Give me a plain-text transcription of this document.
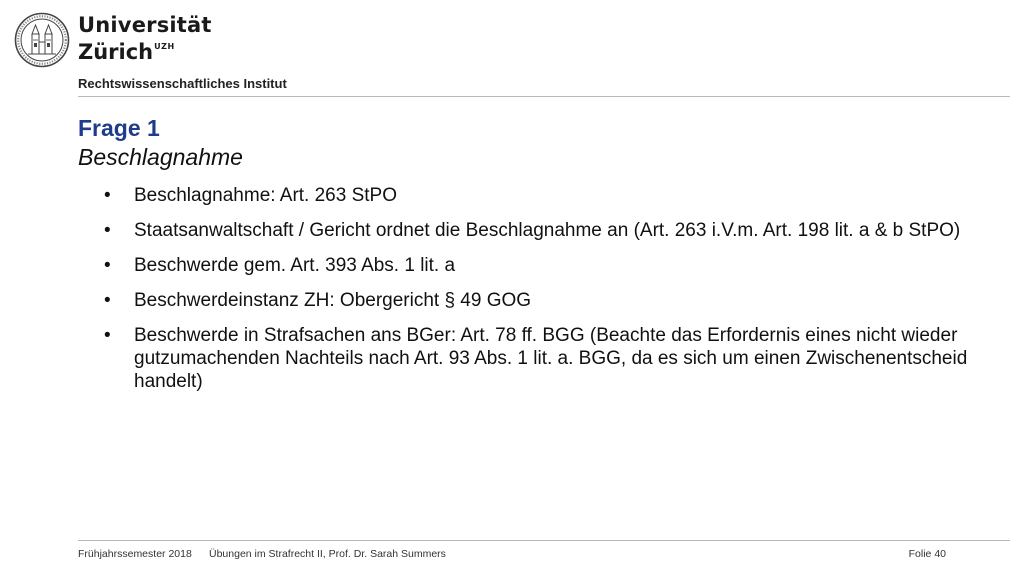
Universität
Zürich$^{UZH}$
Rechtswissenschaftliches Institut
Frage 1
Beschlagnahme
• Beschlagnahme: Art. 263 StPO
• Staatsanwaltschaft / Gericht ordnet die Beschlagnahme an (Art. 263 i.V.m. Art. 198 lit. a & b StPO)
• Beschwerde gem. Art. 393 Abs. 1 lit. a
• Beschwerdeinstanz ZH: Obergericht § 49 GOG
• Beschwerde in Strafsachen ans BGer: Art. 78 ff. BGG (Beachte das Erfordernis eines nicht wieder gutzumachenden Nachteils nach Art. 93 Abs. 1 lit. a. BGG, da es sich um einen Zwischenentscheid handelt)
Frühjahrssemester 2018 Übungen im Strafrecht II, Prof. Dr. Sarah Summers	Folie 40
